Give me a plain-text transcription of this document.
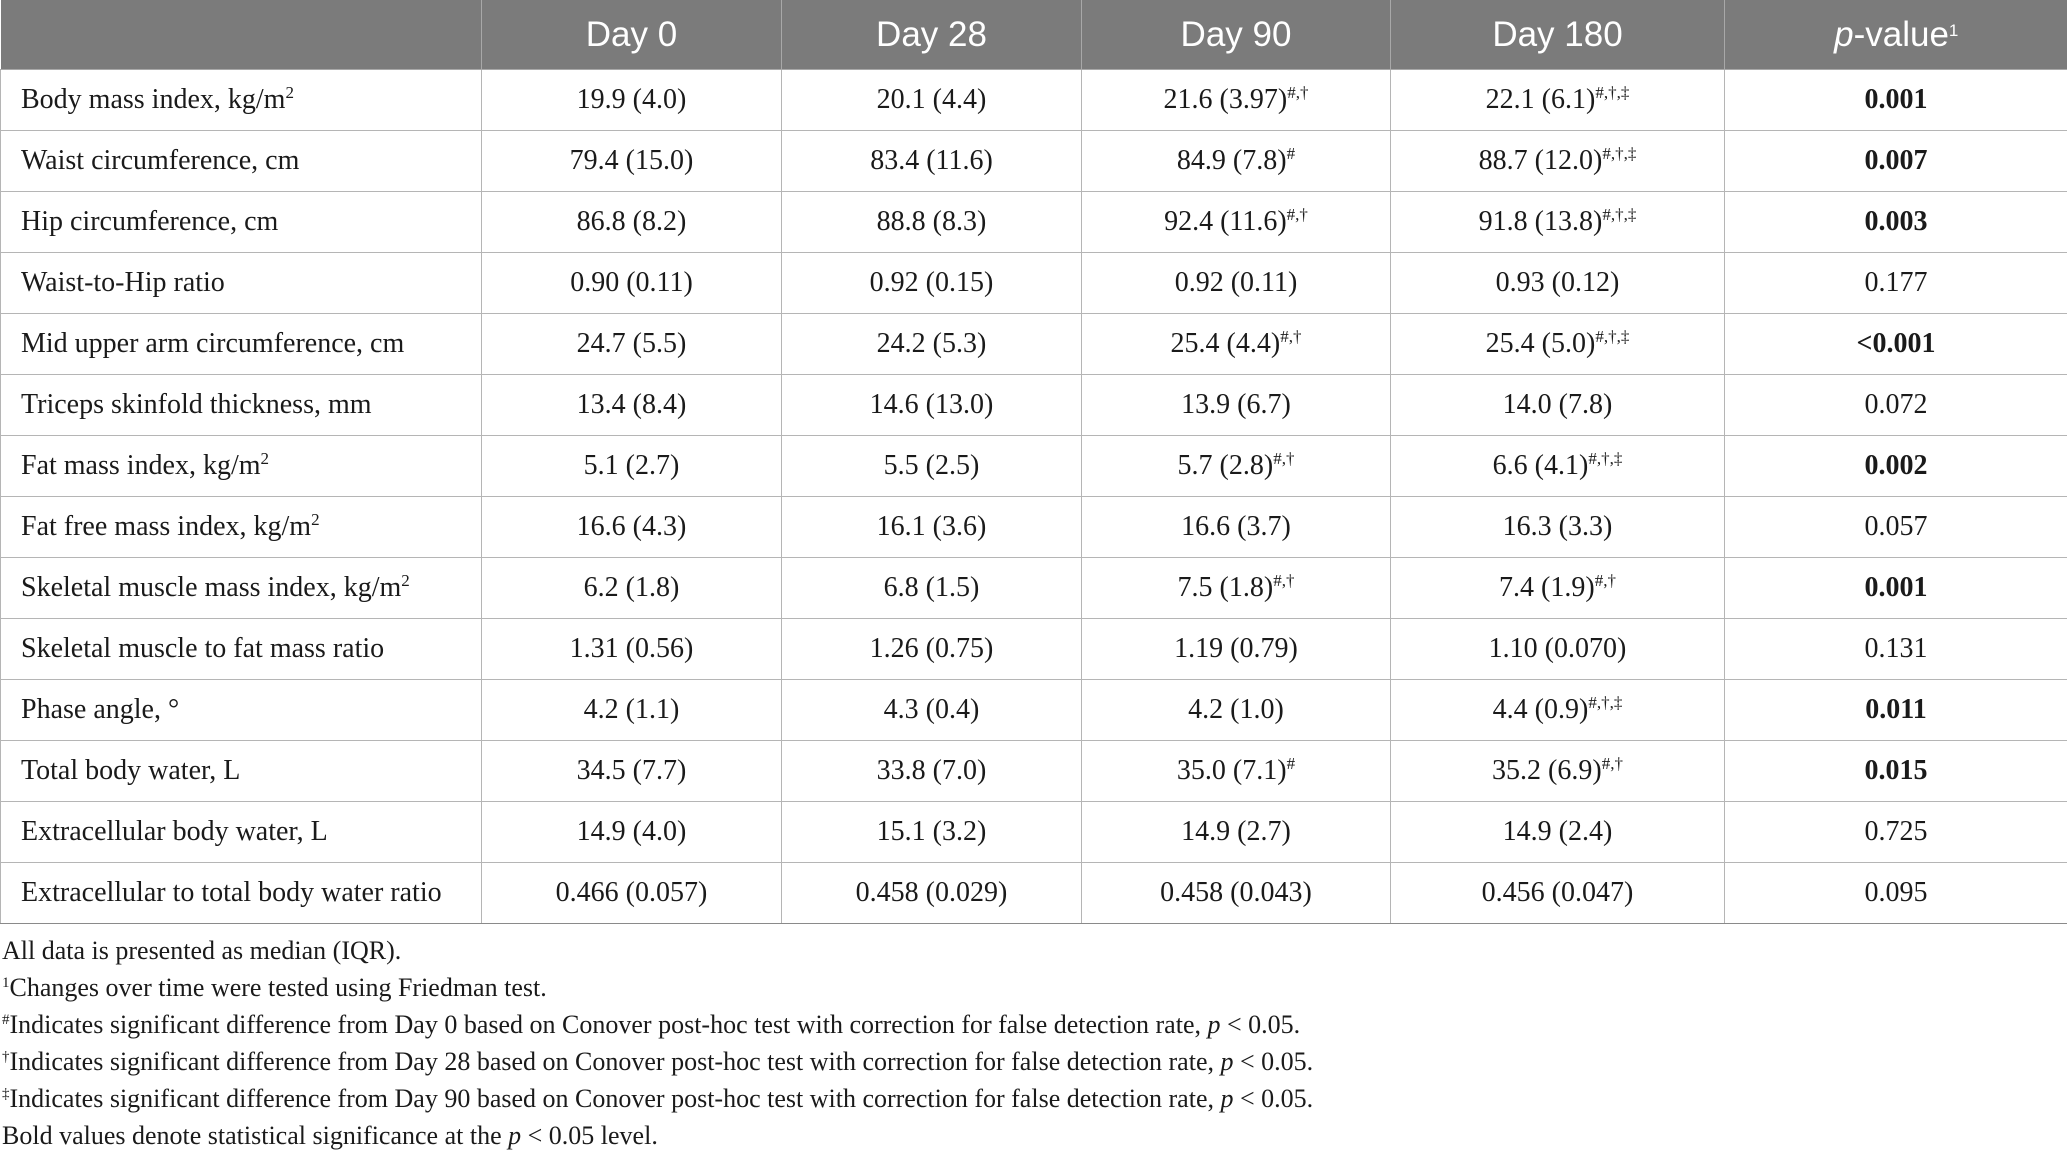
	Day 0	Day 28	Day 90	Day 180	p-value$^1$
Body mass index, $kg/m^2$	19.9 (4.0)	20.1 (4.4)	21.6 (3.97)#,†	22.1 (6.1)#,†,‡	0.001
Waist circumference, cm	79.4 (15.0)	83.4 (11.6)	84.9 (7.8)#	88.7 (12.0)#,†,‡	0.007
Hip circumference, cm	86.8 (8.2)	88.8 (8.3)	92.4 (11.6)#,†	91.8 (13.8)#,†,‡	0.003
Waist-to-Hip ratio	0.90 (0.11)	0.92 (0.15)	0.92 (0.11)	0.93 (0.12)	0.177
Mid upper arm circumference, cm	24.7 (5.5)	24.2 (5.3)	25.4 (4.4)#,†	25.4 (5.0)#,†,‡	<0.001
Triceps skinfold thickness, mm	13.4 (8.4)	14.6 (13.0)	13.9 (6.7)	14.0 (7.8)	0.072
Fat mass index, $kg/m^2$	5.1 (2.7)	5.5 (2.5)	5.7 (2.8)#,†	6.6 (4.1)#,†,‡	0.002
Fat free mass index, $kg/m^2$	16.6 (4.3)	16.1 (3.6)	16.6 (3.7)	16.3 (3.3)	0.057
Skeletal muscle mass index, $kg/m^2$	6.2 (1.8)	6.8 (1.5)	7.5 (1.8)#,†	7.4 (1.9)#,†	0.001
Skeletal muscle to fat mass ratio	1.31 (0.56)	1.26 (0.75)	1.19 (0.79)	1.10 (0.070)	0.131
Phase angle, °	4.2 (1.1)	4.3 (0.4)	4.2 (1.0)	4.4 (0.9)#,†,‡	0.011
Total body water, L	34.5 (7.7)	33.8 (7.0)	35.0 (7.1)#	35.2 (6.9)#,†	0.015
Extracellular body water, L	14.9 (4.0)	15.1 (3.2)	14.9 (2.7)	14.9 (2.4)	0.725
Extracellular to total body water ratio	0.466 (0.057)	0.458 (0.029)	0.458 (0.043)	0.456 (0.047)	0.095

All data is presented as median (IQR).

$^1$Changes over time were tested using Friedman test.

#Indicates significant difference from Day 0 based on Conover post-hoc test with correction for false detection rate, p < 0.05.

†Indicates significant difference from Day 28 based on Conover post-hoc test with correction for false detection rate, p < 0.05.

‡Indicates significant difference from Day 90 based on Conover post-hoc test with correction for false detection rate, p < 0.05.

Bold values denote statistical significance at the p < 0.05 level.
